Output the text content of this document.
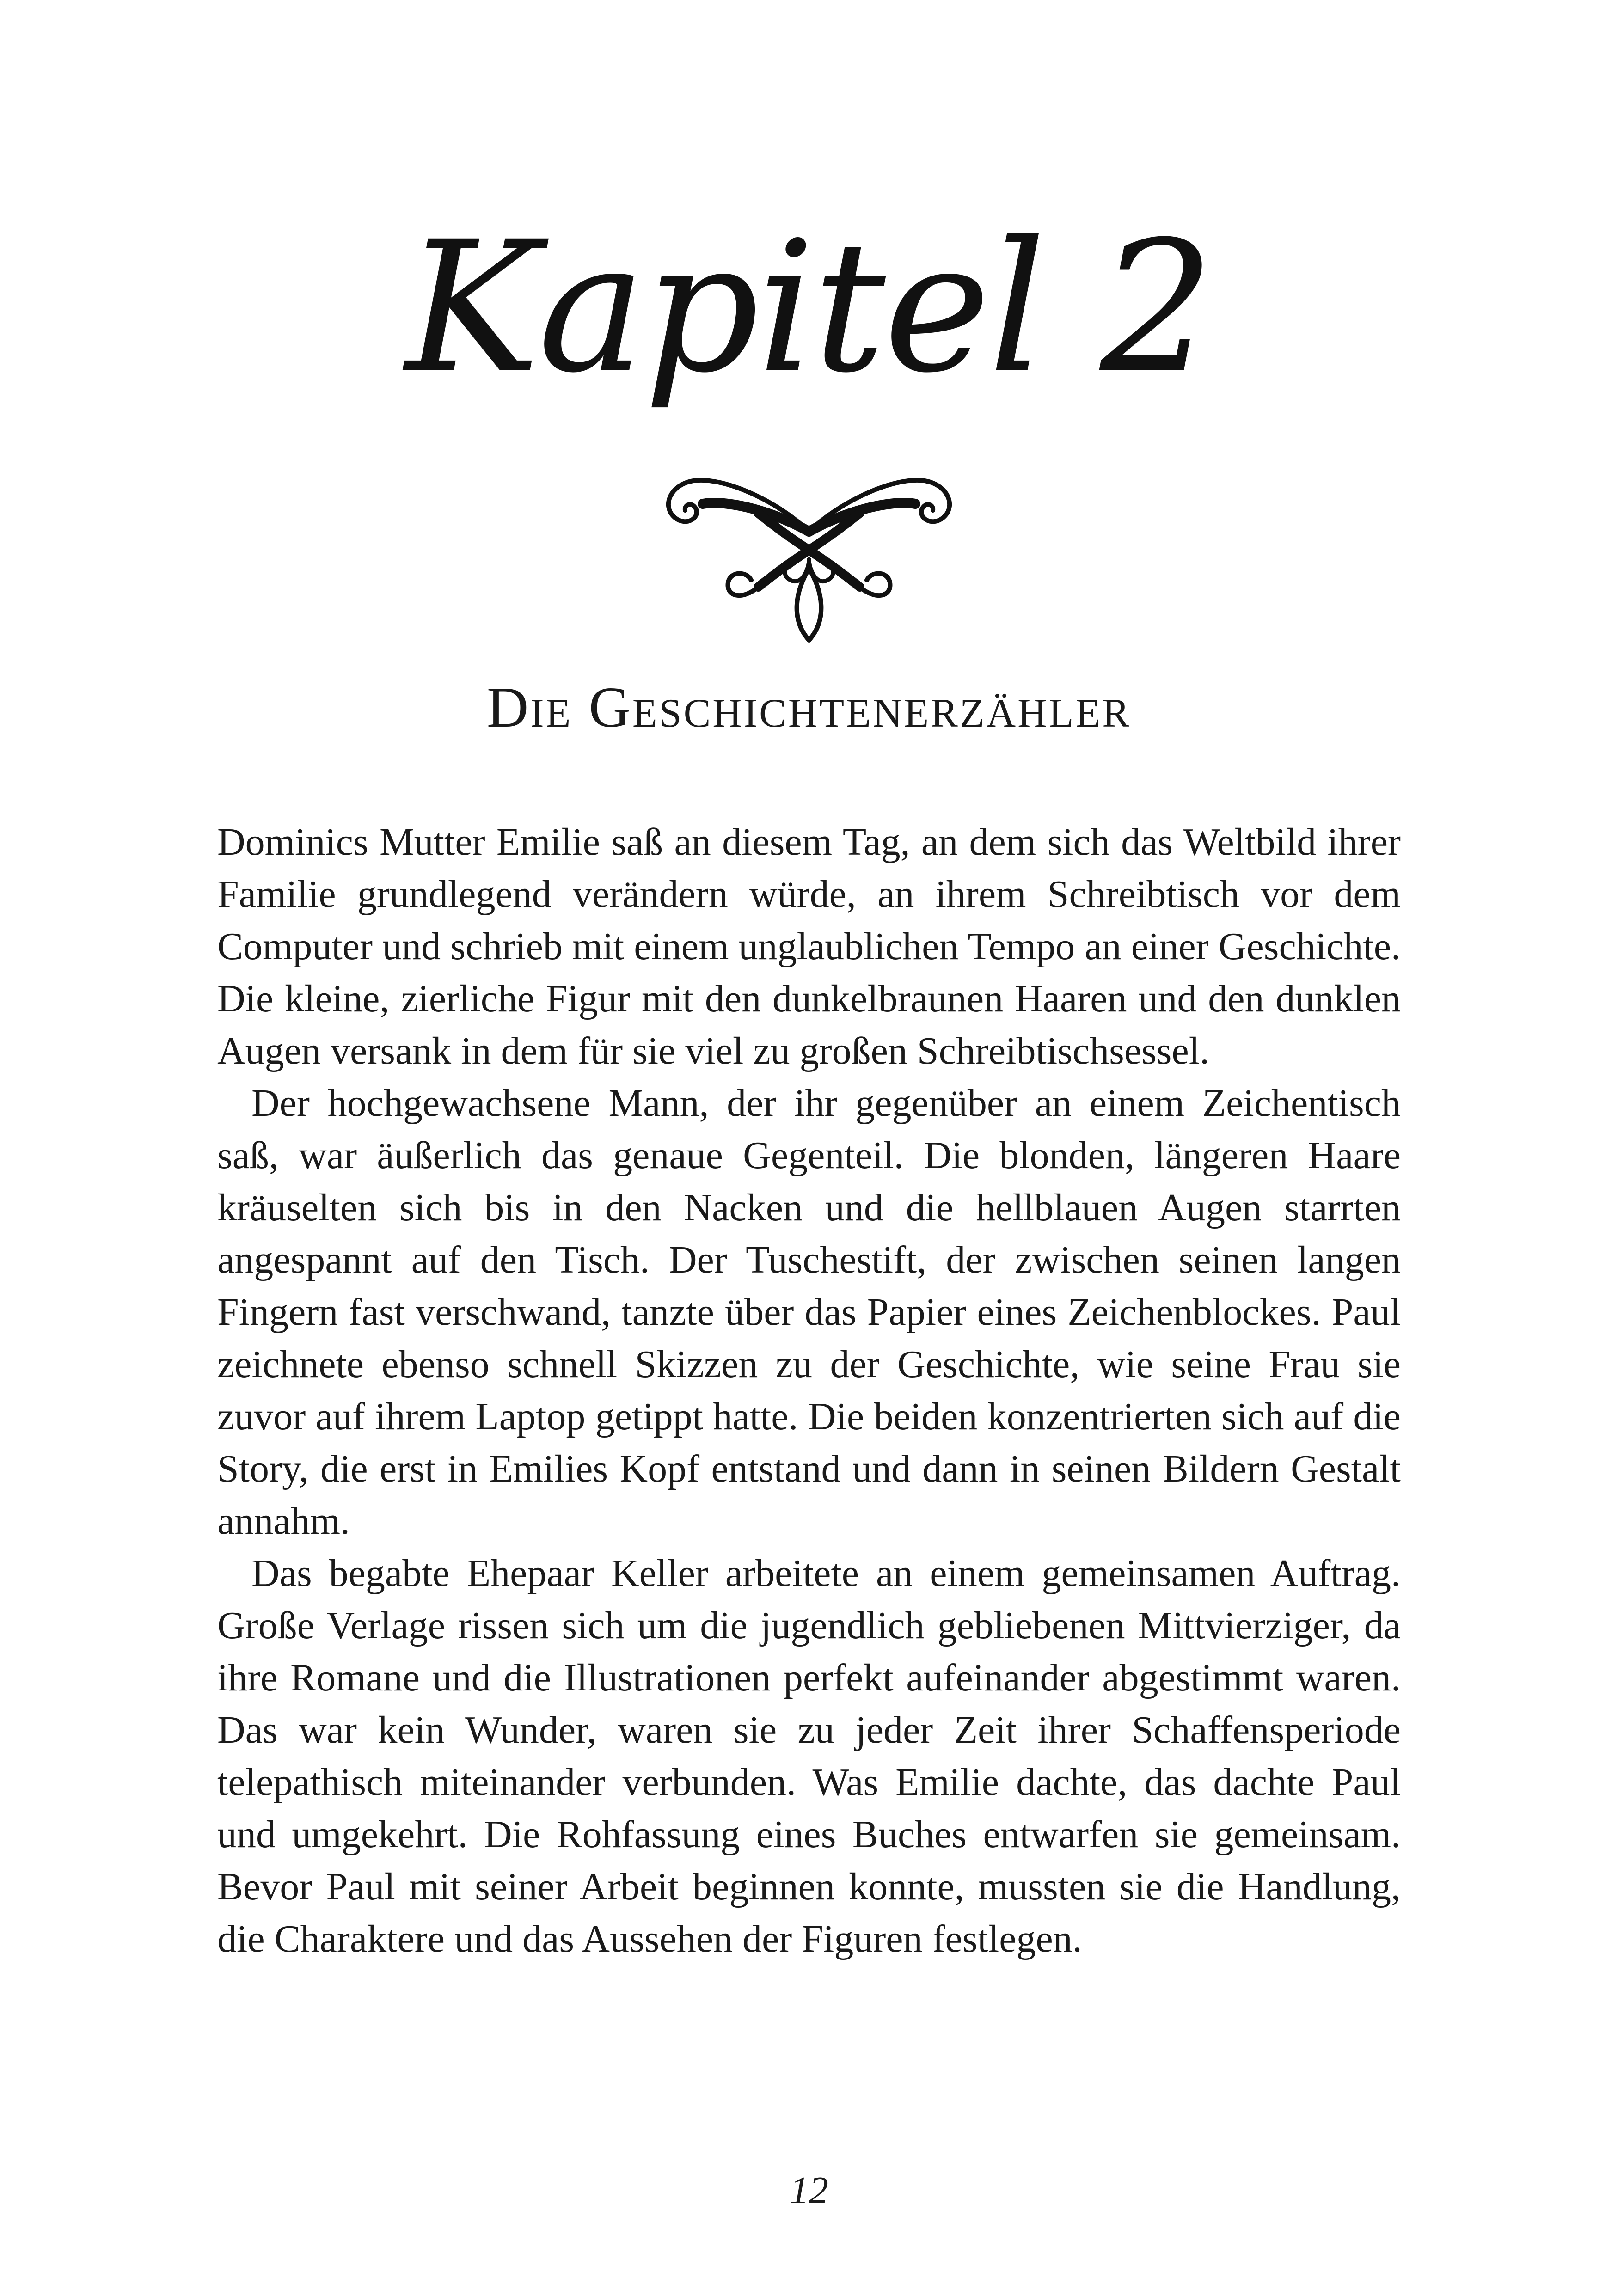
Kapitel 2
Die Geschichtenerzähler

Dominics Mutter Emilie saß an diesem Tag, an dem sich das Weltbild ihrer Familie grundlegend verändern würde, an ihrem Schreibtisch vor dem Computer und schrieb mit einem unglaublichen Tempo an einer Geschichte. Die kleine, zierliche Figur mit den dunkelbraunen Haaren und den dunklen Augen versank in dem für sie viel zu großen Schreibtischsessel.

Der hochgewachsene Mann, der ihr gegenüber an einem Zeichentisch saß, war äußerlich das genaue Gegenteil. Die blonden, längeren Haare kräuselten sich bis in den Nacken und die hellblauen Augen starrten angespannt auf den Tisch. Der Tuschestift, der zwischen seinen langen Fingern fast verschwand, tanzte über das Papier eines Zeichenblockes. Paul zeichnete ebenso schnell Skizzen zu der Geschichte, wie seine Frau sie zuvor auf ihrem Laptop getippt hatte. Die beiden konzentrierten sich auf die Story, die erst in Emilies Kopf entstand und dann in seinen Bildern Gestalt annahm.

Das begabte Ehepaar Keller arbeitete an einem gemeinsamen Auftrag. Große Verlage rissen sich um die jugendlich gebliebenen Mittvierziger, da ihre Romane und die Illustrationen perfekt aufeinander abgestimmt waren. Das war kein Wunder, waren sie zu jeder Zeit ihrer Schaffensperiode telepathisch miteinander verbunden. Was Emilie dachte, das dachte Paul und umgekehrt. Die Rohfassung eines Buches entwarfen sie gemeinsam. Bevor Paul mit seiner Arbeit beginnen konnte, mussten sie die Handlung, die Charaktere und das Aussehen der Figuren festlegen.

12
